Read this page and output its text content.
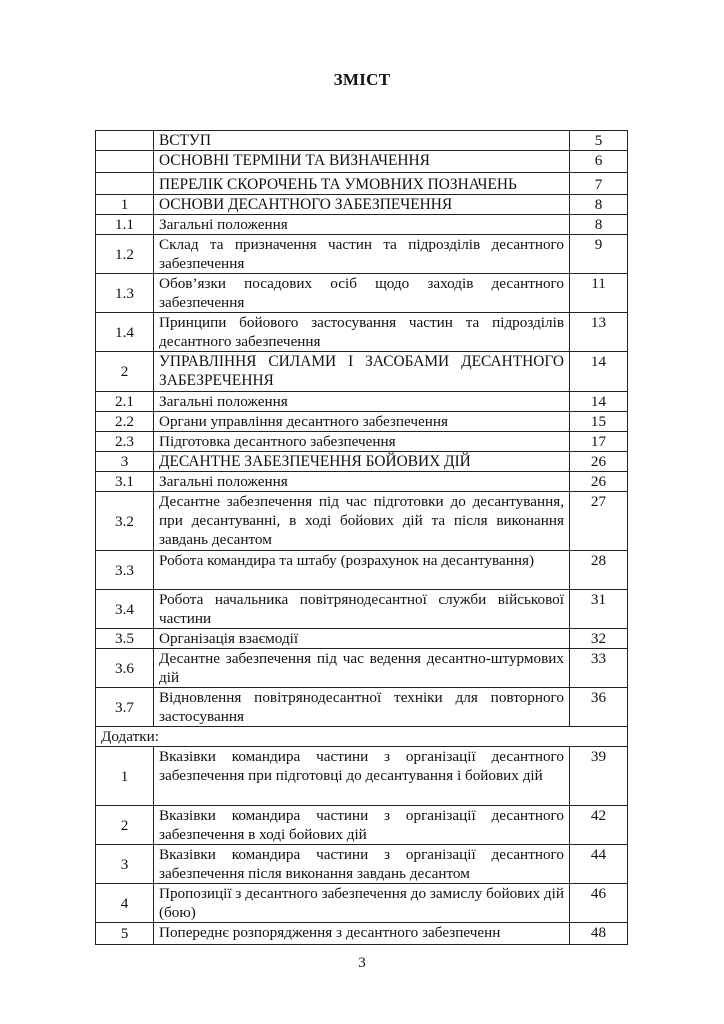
ЗМІСТ
	ВСТУП	5
	ОСНОВНІ ТЕРМІНИ ТА ВИЗНАЧЕННЯ	6
	ПЕРЕЛІК СКОРОЧЕНЬ ТА УМОВНИХ ПОЗНАЧЕНЬ	7
1	ОСНОВИ ДЕСАНТНОГО ЗАБЕЗПЕЧЕННЯ	8
1.1	Загальні положення	8
1.2	Склад та призначення частин та підрозділів десантного забезпечення	9
1.3	Обов’язки посадових осіб щодо заходів десантного забезпечення	11
1.4	Принципи бойового застосування частин та підрозділів десантного забезпечення	13
2	УПРАВЛІННЯ СИЛАМИ І ЗАСОБАМИ ДЕСАНТНОГО ЗАБЕЗРЕЧЕННЯ	14
2.1	Загальні положення	14
2.2	Органи управління десантного забезпечення	15
2.3	Підготовка десантного забезпечення	17
3	ДЕСАНТНЕ ЗАБЕЗПЕЧЕННЯ БОЙОВИХ ДІЙ	26
3.1	Загальні положення	26
3.2	Десантне забезпечення під час підготовки до десантування, при десантуванні, в ході бойових дій та після виконання завдань десантом	27
3.3	Робота командира та штабу (розрахунок на десантування)	28
3.4	Робота начальника повітрянодесантної служби військової частини	31
3.5	Організація взаємодії	32
3.6	Десантне забезпечення під час ведення десантно-штурмових дій	33
3.7	Відновлення повітрянодесантної техніки для повторного застосування	36
Додатки:		
1	Вказівки командира частини з організації десантного забезпечення при підготовці до десантування і бойових дій	39
2	Вказівки командира частини з організації десантного забезпечення в ході бойових дій	42
3	Вказівки командира частини з організації десантного забезпечення після виконання завдань десантом	44
4	Пропозиції з десантного забезпечення до замислу бойових дій (бою)	46
5	Попереднє розпорядження з десантного забезпеченн	48
3
